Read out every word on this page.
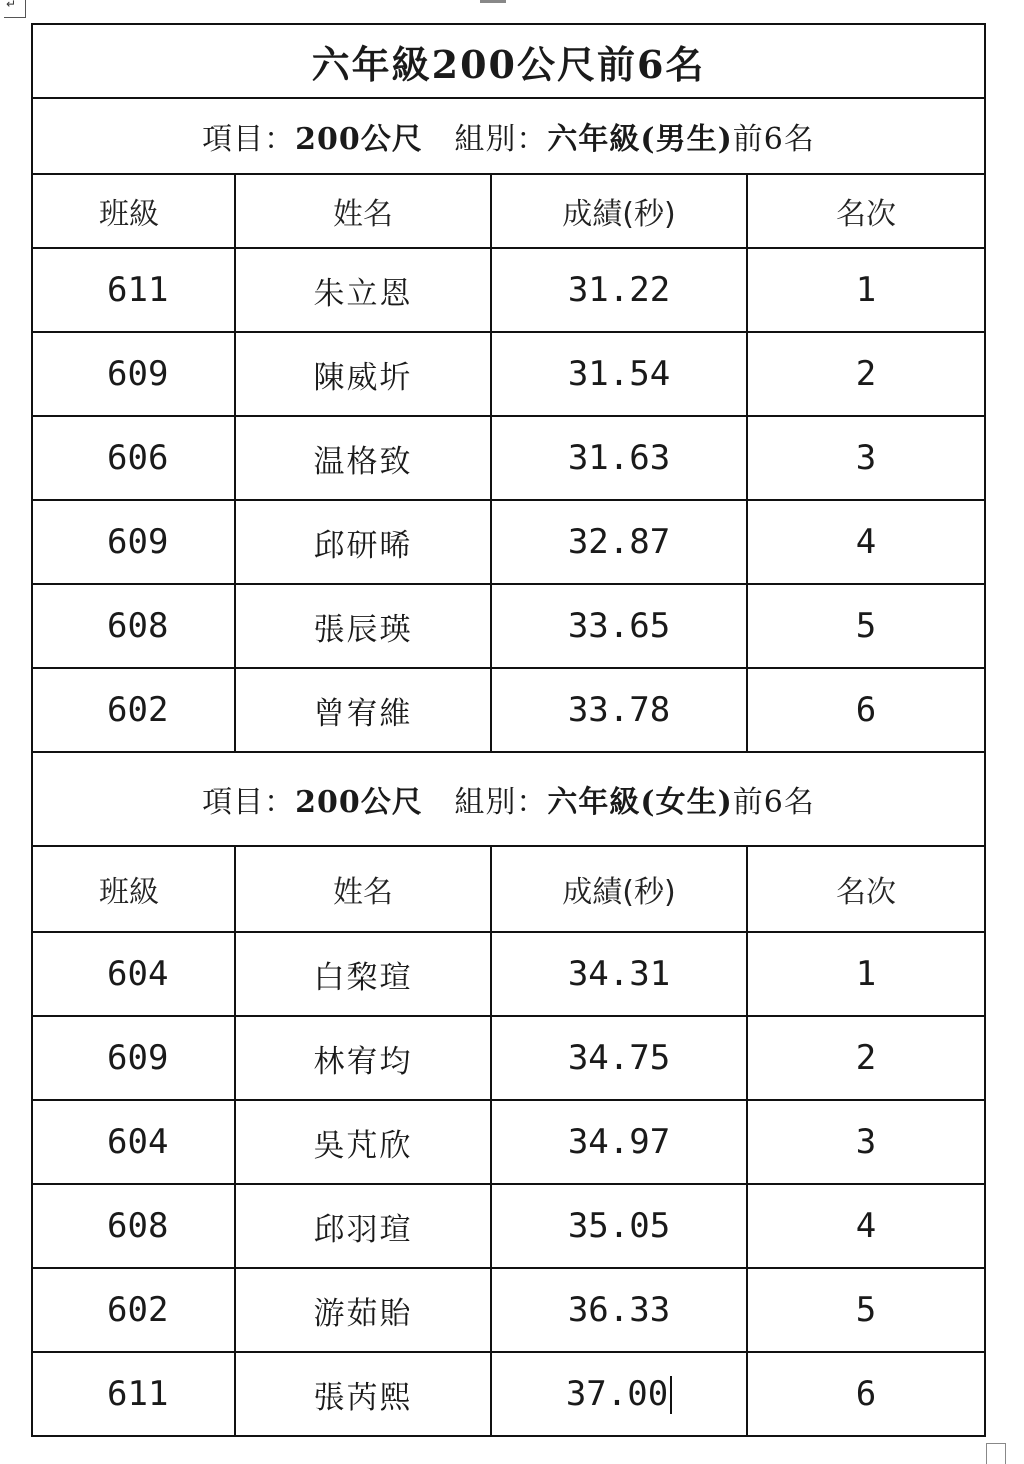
↵
六年級200公尺前6名			
項目：200公尺 組別：六年級(男生)前6名			
班級	姓名	成績(秒)	名次
611	朱立恩	31.22	1
609	陳威圻	31.54	2
606	温格致	31.63	3
609	邱研晞	32.87	4
608	張辰瑛	33.65	5
602	曾宥維	33.78	6
項目：200公尺 組別：六年級(女生)前6名			
班級	姓名	成績(秒)	名次
604	白棃瑄	34.31	1
609	林宥均	34.75	2
604	吳芃欣	34.97	3
608	邱羽瑄	35.05	4
602	游茹貽	36.33	5
611	張芮熙	37.00	6
